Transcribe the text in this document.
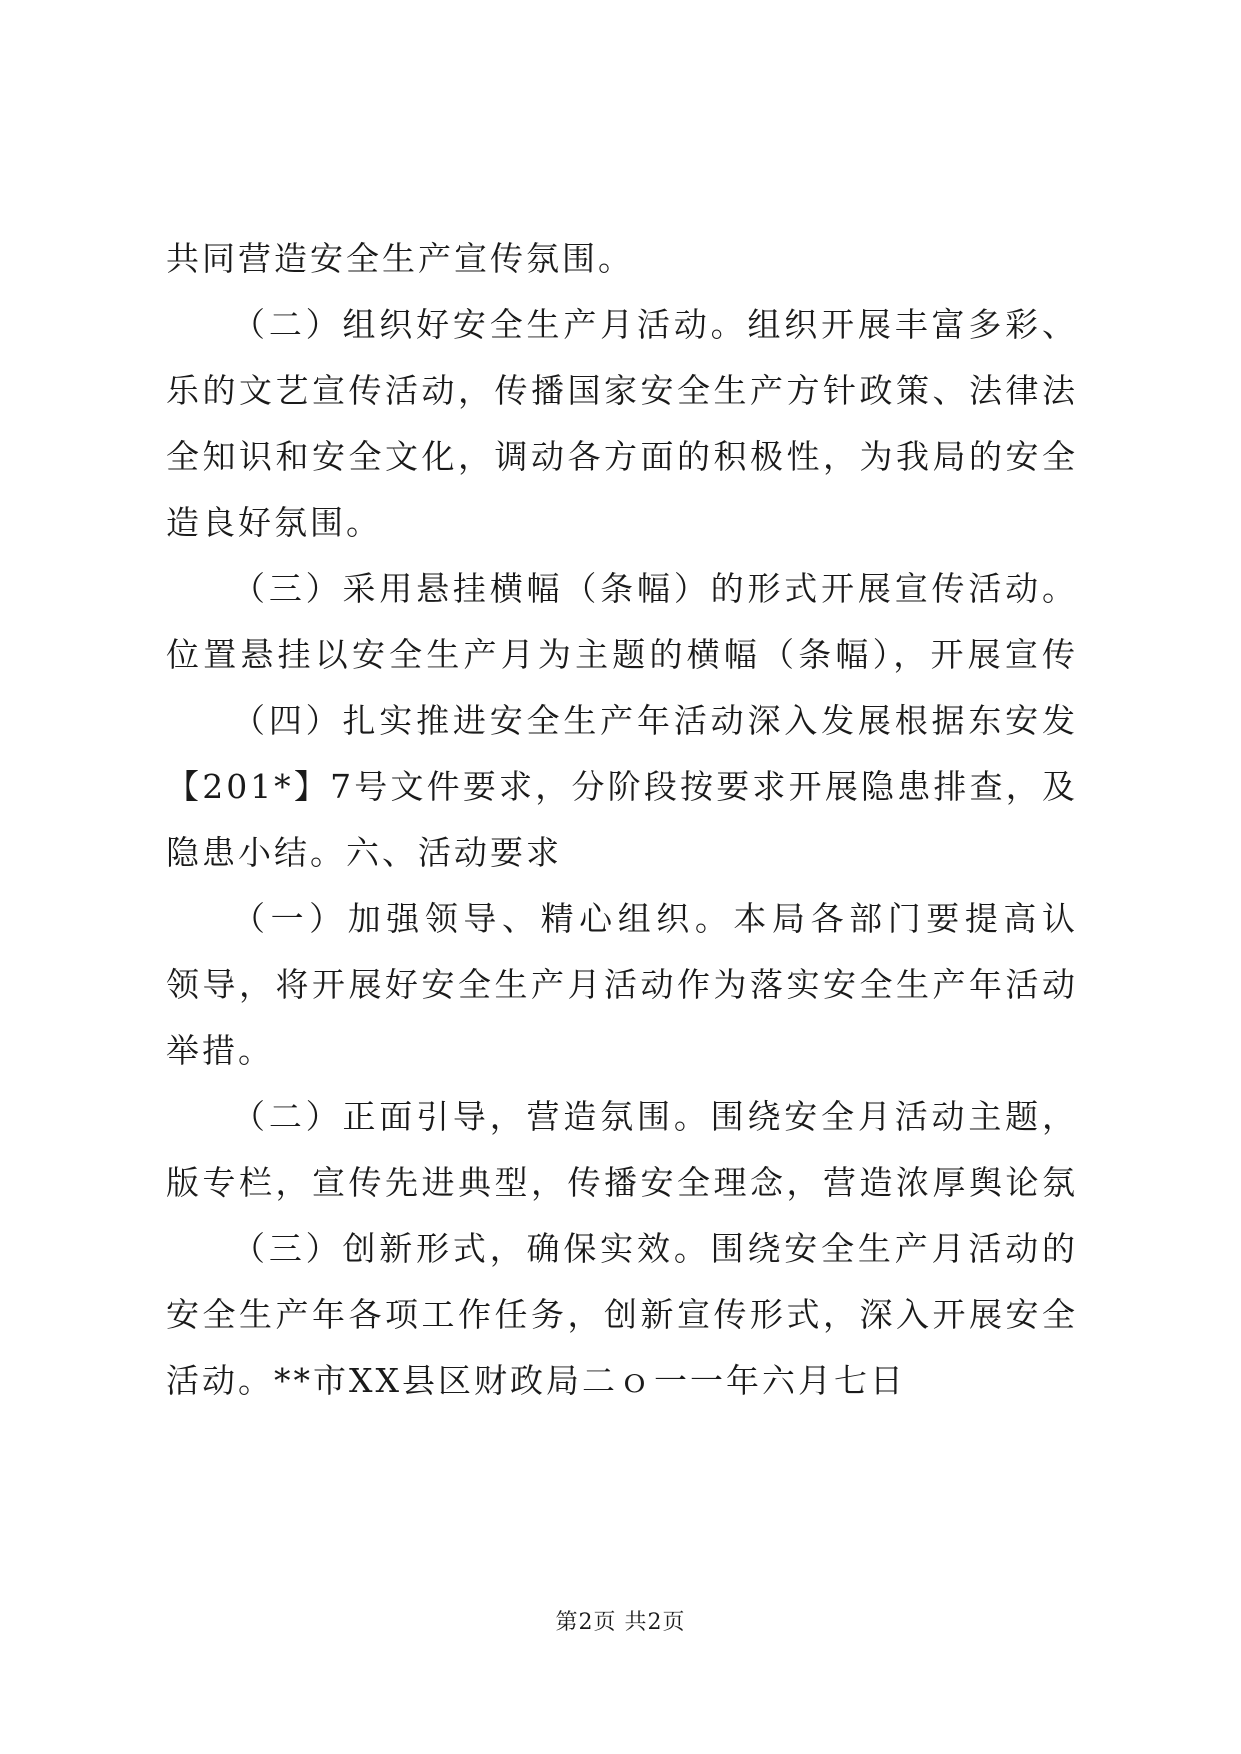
共同营造安全生产宣传氛围。
（二）组织好安全生产月活动。组织开展丰富多彩、
乐的文艺宣传活动，传播国家安全生产方针政策、法律法
全知识和安全文化，调动各方面的积极性，为我局的安全
造良好氛围。
（三）采用悬挂横幅（条幅）的形式开展宣传活动。
位置悬挂以安全生产月为主题的横幅（条幅），开展宣传
（四）扎实推进安全生产年活动深入发展根据东安发
【201*】7号文件要求，分阶段按要求开展隐患排查，及
隐患小结。六、活动要求
（一）加强领导、精心组织。本局各部门要提高认
领导，将开展好安全生产月活动作为落实安全生产年活动
举措。
（二）正面引导，营造氛围。围绕安全月活动主题，
版专栏，宣传先进典型，传播安全理念，营造浓厚舆论氛
（三）创新形式，确保实效。围绕安全生产月活动的
安全生产年各项工作任务，创新宣传形式，深入开展安全
活动。**市XX县区财政局二ｏ一一年六月七日
第2页 共2页
